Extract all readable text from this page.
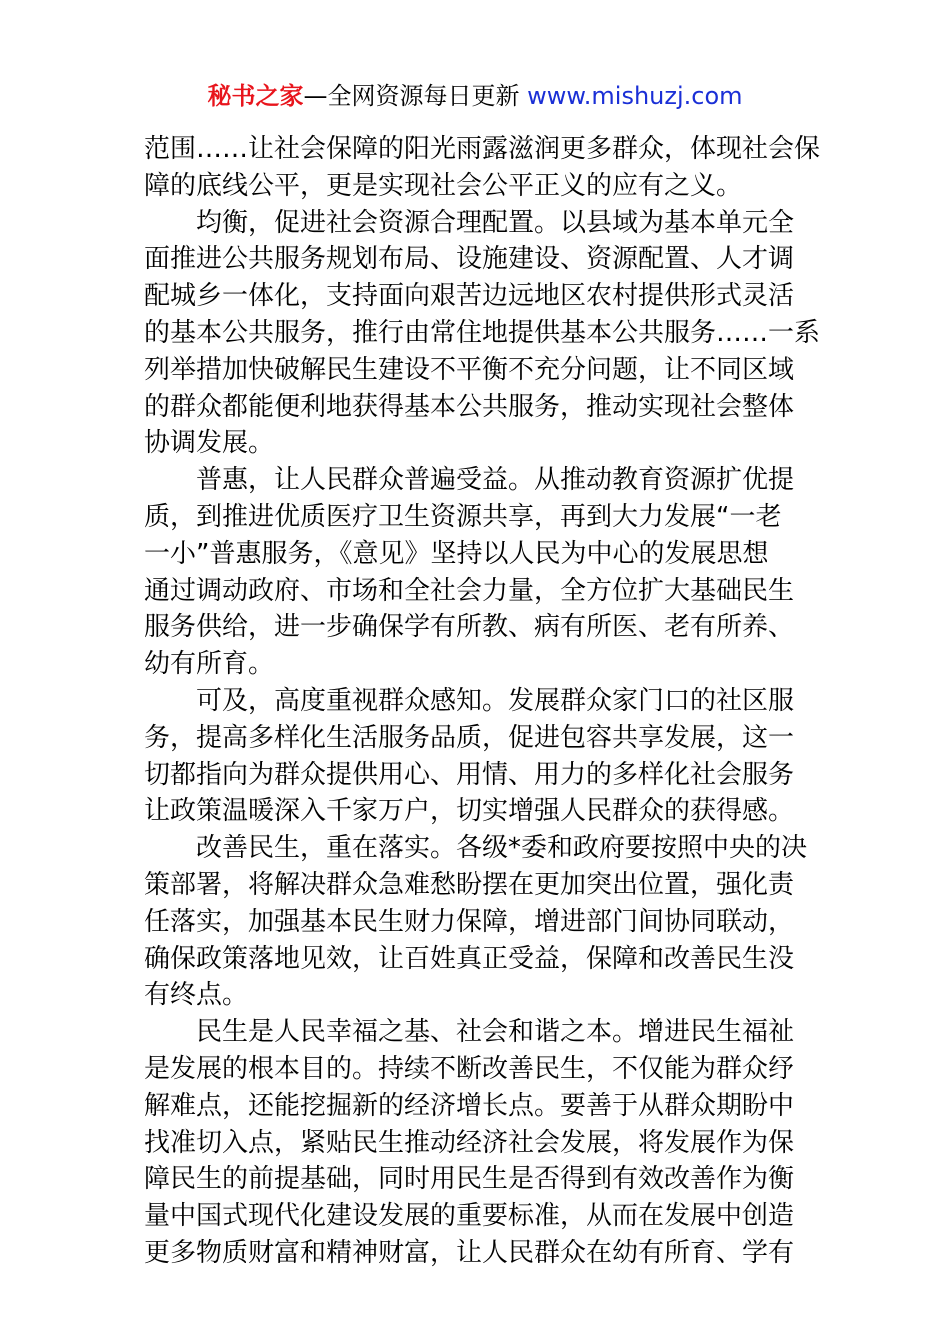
秘书之家—全网资源每日更新 www.mishuzj.com
范围……让社会保障的阳光雨露滋润更多群众，体现社会保
障的底线公平，更是实现社会公平正义的应有之义。
均衡，促进社会资源合理配置。以县域为基本单元全
面推进公共服务规划布局、设施建设、资源配置、人才调
配城乡一体化，支持面向艰苦边远地区农村提供形式灵活
的基本公共服务，推行由常住地提供基本公共服务……一系
列举措加快破解民生建设不平衡不充分问题，让不同区域
的群众都能便利地获得基本公共服务，推动实现社会整体
协调发展。
普惠，让人民群众普遍受益。从推动教育资源扩优提
质，到推进优质医疗卫生资源共享，再到大力发展“一老
一小”普惠服务，《意见》坚持以人民为中心的发展思想
通过调动政府、市场和全社会力量，全方位扩大基础民生
服务供给，进一步确保学有所教、病有所医、老有所养、
幼有所育。
可及，高度重视群众感知。发展群众家门口的社区服
务，提高多样化生活服务品质，促进包容共享发展，这一
切都指向为群众提供用心、用情、用力的多样化社会服务
让政策温暖深入千家万户，切实增强人民群众的获得感。
改善民生，重在落实。各级*委和政府要按照中央的决
策部署，将解决群众急难愁盼摆在更加突出位置，强化责
任落实，加强基本民生财力保障，增进部门间协同联动，
确保政策落地见效，让百姓真正受益，保障和改善民生没
有终点。
民生是人民幸福之基、社会和谐之本。增进民生福祉
是发展的根本目的。持续不断改善民生，不仅能为群众纾
解难点，还能挖掘新的经济增长点。要善于从群众期盼中
找准切入点，紧贴民生推动经济社会发展，将发展作为保
障民生的前提基础，同时用民生是否得到有效改善作为衡
量中国式现代化建设发展的重要标准，从而在发展中创造
更多物质财富和精神财富，让人民群众在幼有所育、学有
